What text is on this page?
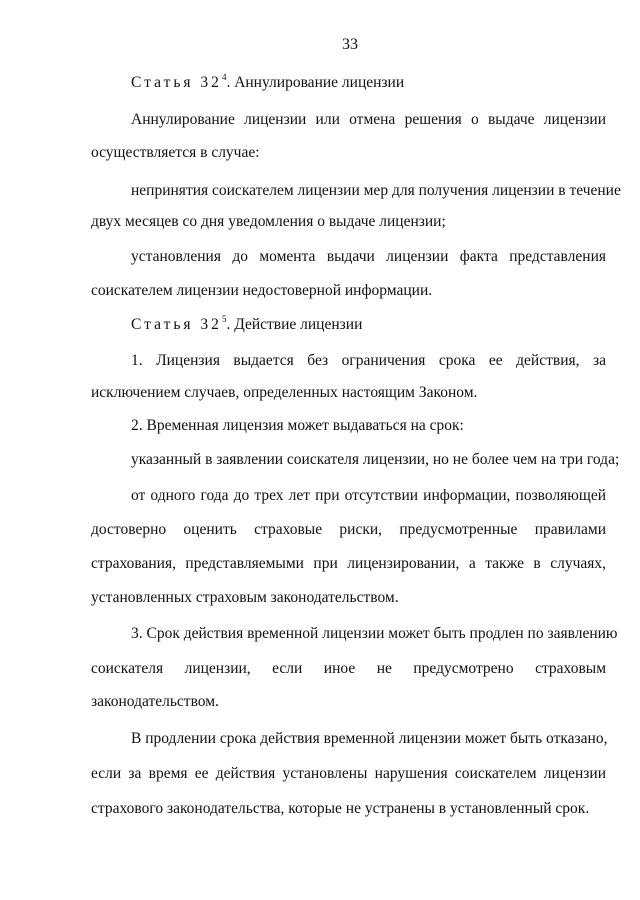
33
Статья $32^4$. Аннулирование лицензии
Аннулирование лицензии или отмена решения о выдаче лицензии
осуществляется в случае:
непринятия соискателем лицензии мер для получения лицензии в течение
двух месяцев со дня уведомления о выдаче лицензии;
установления до момента выдачи лицензии факта представления
соискателем лицензии недостоверной информации.
Статья $32^5$. Действие лицензии
1. Лицензия выдается без ограничения срока ее действия, за
исключением случаев, определенных настоящим Законом.
2. Временная лицензия может выдаваться на срок:
указанный в заявлении соискателя лицензии, но не более чем на три года;
от одного года до трех лет при отсутствии информации, позволяющей
достоверно оценить страховые риски, предусмотренные правилами
страхования, представляемыми при лицензировании, а также в случаях,
установленных страховым законодательством.
3. Срок действия временной лицензии может быть продлен по заявлению
соискателя лицензии, если иное не предусмотрено страховым
законодательством.
В продлении срока действия временной лицензии может быть отказано,
если за время ее действия установлены нарушения соискателем лицензии
страхового законодательства, которые не устранены в установленный срок.
